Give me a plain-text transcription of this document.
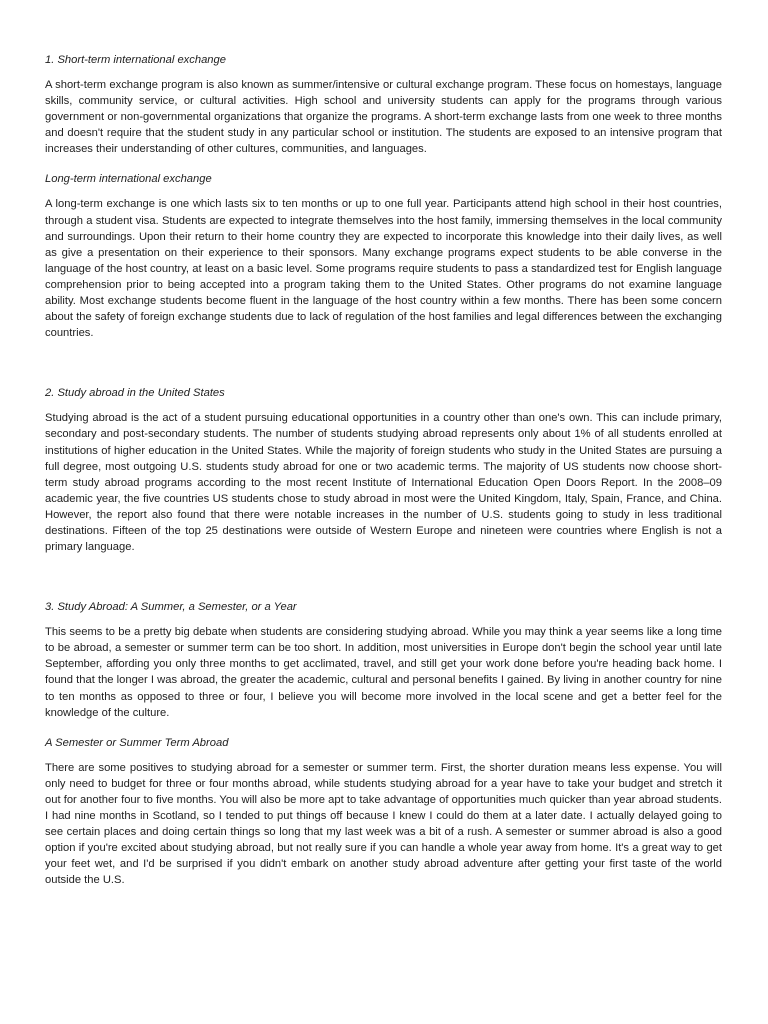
1. Short-term international exchange

A short-term exchange program is also known as summer/intensive or cultural exchange program. These focus on homestays, language skills, community service, or cultural activities. High school and university students can apply for the programs through various government or non-governmental organizations that organize the programs. A short-term exchange lasts from one week to three months and doesn't require that the student study in any particular school or institution. The students are exposed to an intensive program that increases their understanding of other cultures, communities, and languages.

Long-term international exchange

A long-term exchange is one which lasts six to ten months or up to one full year. Participants attend high school in their host countries, through a student visa. Students are expected to integrate themselves into the host family, immersing themselves in the local community and surroundings. Upon their return to their home country they are expected to incorporate this knowledge into their daily lives, as well as give a presentation on their experience to their sponsors. Many exchange programs expect students to be able converse in the language of the host country, at least on a basic level. Some programs require students to pass a standardized test for English language comprehension prior to being accepted into a program taking them to the United States. Other programs do not examine language ability. Most exchange students become fluent in the language of the host country within a few months. There has been some concern about the safety of foreign exchange students due to lack of regulation of the host families and legal differences between the exchanging countries.

2. Study abroad in the United States

Studying abroad is the act of a student pursuing educational opportunities in a country other than one's own. This can include primary, secondary and post-secondary students. The number of students studying abroad represents only about 1% of all students enrolled at institutions of higher education in the United States. While the majority of foreign students who study in the United States are pursuing a full degree, most outgoing U.S. students study abroad for one or two academic terms. The majority of US students now choose short-term study abroad programs according to the most recent Institute of International Education Open Doors Report. In the 2008–09 academic year, the five countries US students chose to study abroad in most were the United Kingdom, Italy, Spain, France, and China. However, the report also found that there were notable increases in the number of U.S. students going to study in less traditional destinations. Fifteen of the top 25 destinations were outside of Western Europe and nineteen were countries where English is not a primary language.

3. Study Abroad: A Summer, a Semester, or a Year

This seems to be a pretty big debate when students are considering studying abroad. While you may think a year seems like a long time to be abroad, a semester or summer term can be too short. In addition, most universities in Europe don't begin the school year until late September, affording you only three months to get acclimated, travel, and still get your work done before you're heading back home. I found that the longer I was abroad, the greater the academic, cultural and personal benefits I gained. By living in another country for nine to ten months as opposed to three or four, I believe you will become more involved in the local scene and get a better feel for the knowledge of the culture.

A Semester or Summer Term Abroad

There are some positives to studying abroad for a semester or summer term. First, the shorter duration means less expense. You will only need to budget for three or four months abroad, while students studying abroad for a year have to take your budget and stretch it out for another four to five months. You will also be more apt to take advantage of opportunities much quicker than year abroad students. I had nine months in Scotland, so I tended to put things off because I knew I could do them at a later date. I actually delayed going to see certain places and doing certain things so long that my last week was a bit of a rush. A semester or summer abroad is also a good option if you're excited about studying abroad, but not really sure if you can handle a whole year away from home. It's a great way to get your feet wet, and I'd be surprised if you didn't embark on another study abroad adventure after getting your first taste of the world outside the U.S.
